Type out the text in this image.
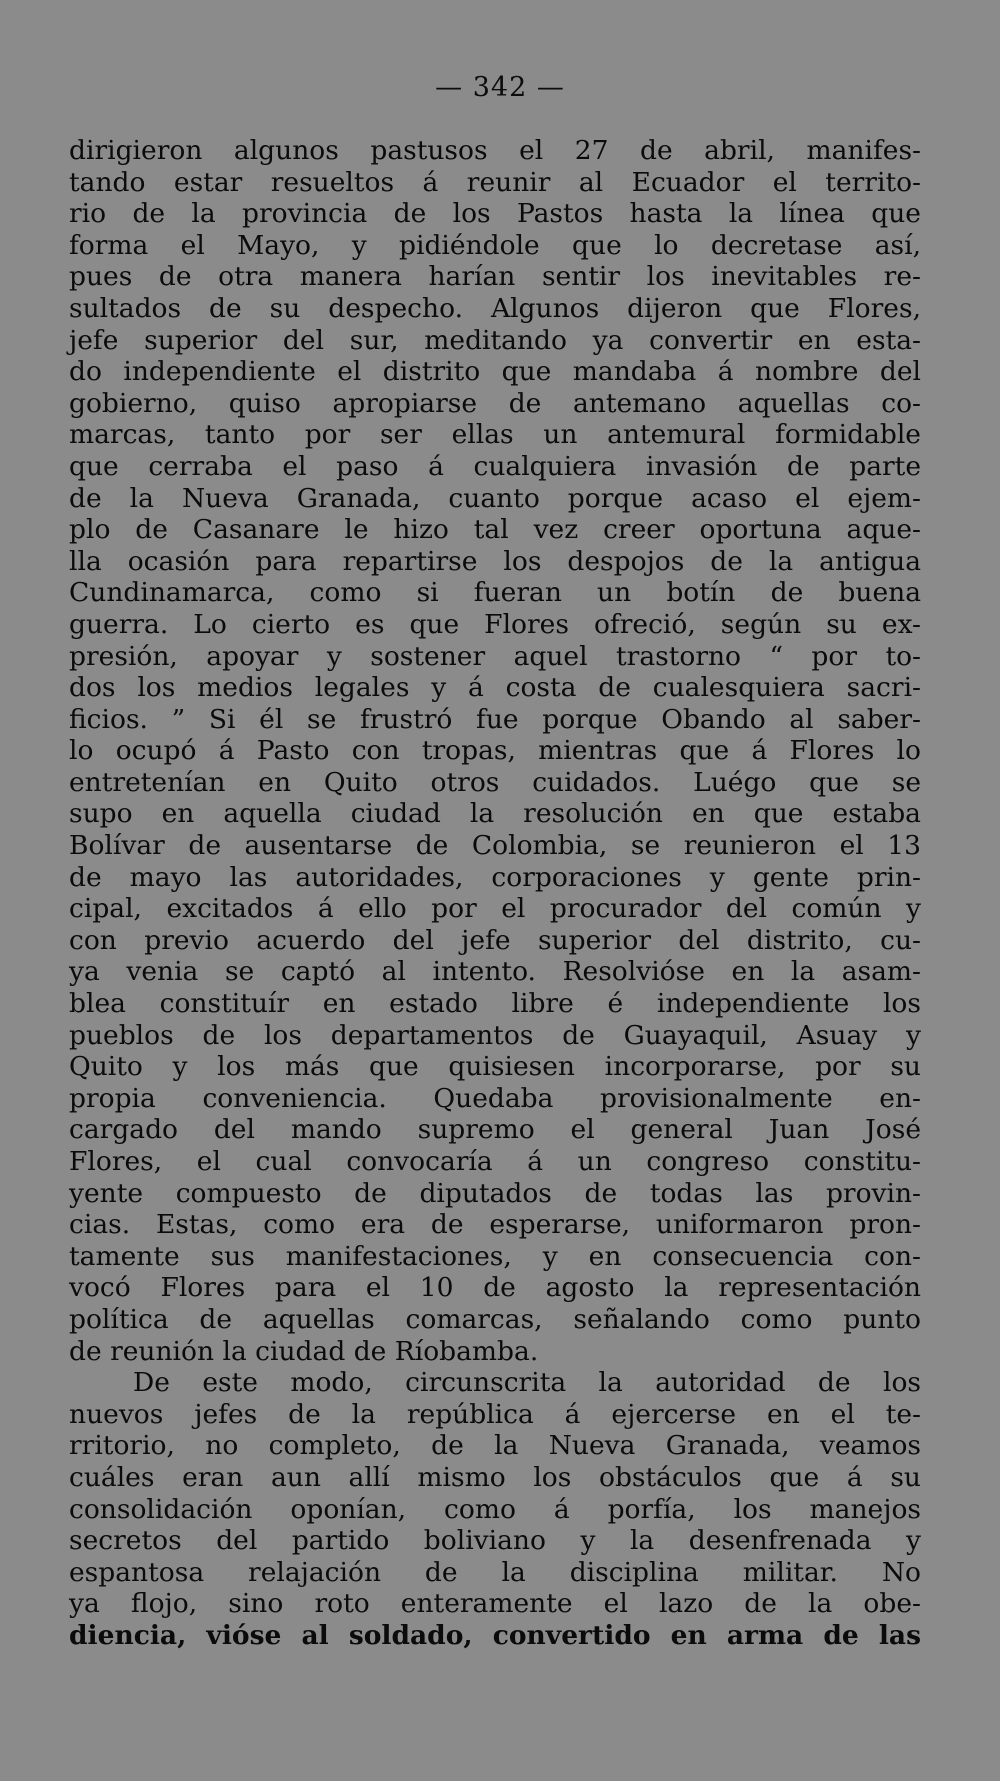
— 342 —
dirigieron algunos pastusos el 27 de abril, manifes-
tando estar resueltos á reunir al Ecuador el territo-
rio de la provincia de los Pastos hasta la línea que
forma el Mayo, y pidiéndole que lo decretase así,
pues de otra manera harían sentir los inevitables re-
sultados de su despecho. Algunos dijeron que Flores,
jefe superior del sur, meditando ya convertir en esta-
do independiente el distrito que mandaba á nombre del
gobierno, quiso apropiarse de antemano aquellas co-
marcas, tanto por ser ellas un antemural formidable
que cerraba el paso á cualquiera invasión de parte
de la Nueva Granada, cuanto porque acaso el ejem-
plo de Casanare le hizo tal vez creer oportuna aque-
lla ocasión para repartirse los despojos de la antigua
Cundinamarca, como si fueran un botín de buena
guerra. Lo cierto es que Flores ofreció, según su ex-
presión, apoyar y sostener aquel trastorno “ por to-
dos los medios legales y á costa de cualesquiera sacri-
ficios. ” Si él se frustró fue porque Obando al saber-
lo ocupó á Pasto con tropas, mientras que á Flores lo
entretenían en Quito otros cuidados. Luégo que se
supo en aquella ciudad la resolución en que estaba
Bolívar de ausentarse de Colombia, se reunieron el 13
de mayo las autoridades, corporaciones y gente prin-
cipal, excitados á ello por el procurador del común y
con previo acuerdo del jefe superior del distrito, cu-
ya venia se captó al intento. Resolvióse en la asam-
blea constituír en estado libre é independiente los
pueblos de los departamentos de Guayaquil, Asuay y
Quito y los más que quisiesen incorporarse, por su
propia conveniencia. Quedaba provisionalmente en-
cargado del mando supremo el general Juan José
Flores, el cual convocaría á un congreso constitu-
yente compuesto de diputados de todas las provin-
cias. Estas, como era de esperarse, uniformaron pron-
tamente sus manifestaciones, y en consecuencia con-
vocó Flores para el 10 de agosto la representación
política de aquellas comarcas, señalando como punto
de reunión la ciudad de Ríobamba.
De este modo, circunscrita la autoridad de los
nuevos jefes de la república á ejercerse en el te-
rritorio, no completo, de la Nueva Granada, veamos
cuáles eran aun allí mismo los obstáculos que á su
consolidación oponían, como á porfía, los manejos
secretos del partido boliviano y la desenfrenada y
espantosa relajación de la disciplina militar. No
ya flojo, sino roto enteramente el lazo de la obe-
diencia, vióse al soldado, convertido en arma de las
